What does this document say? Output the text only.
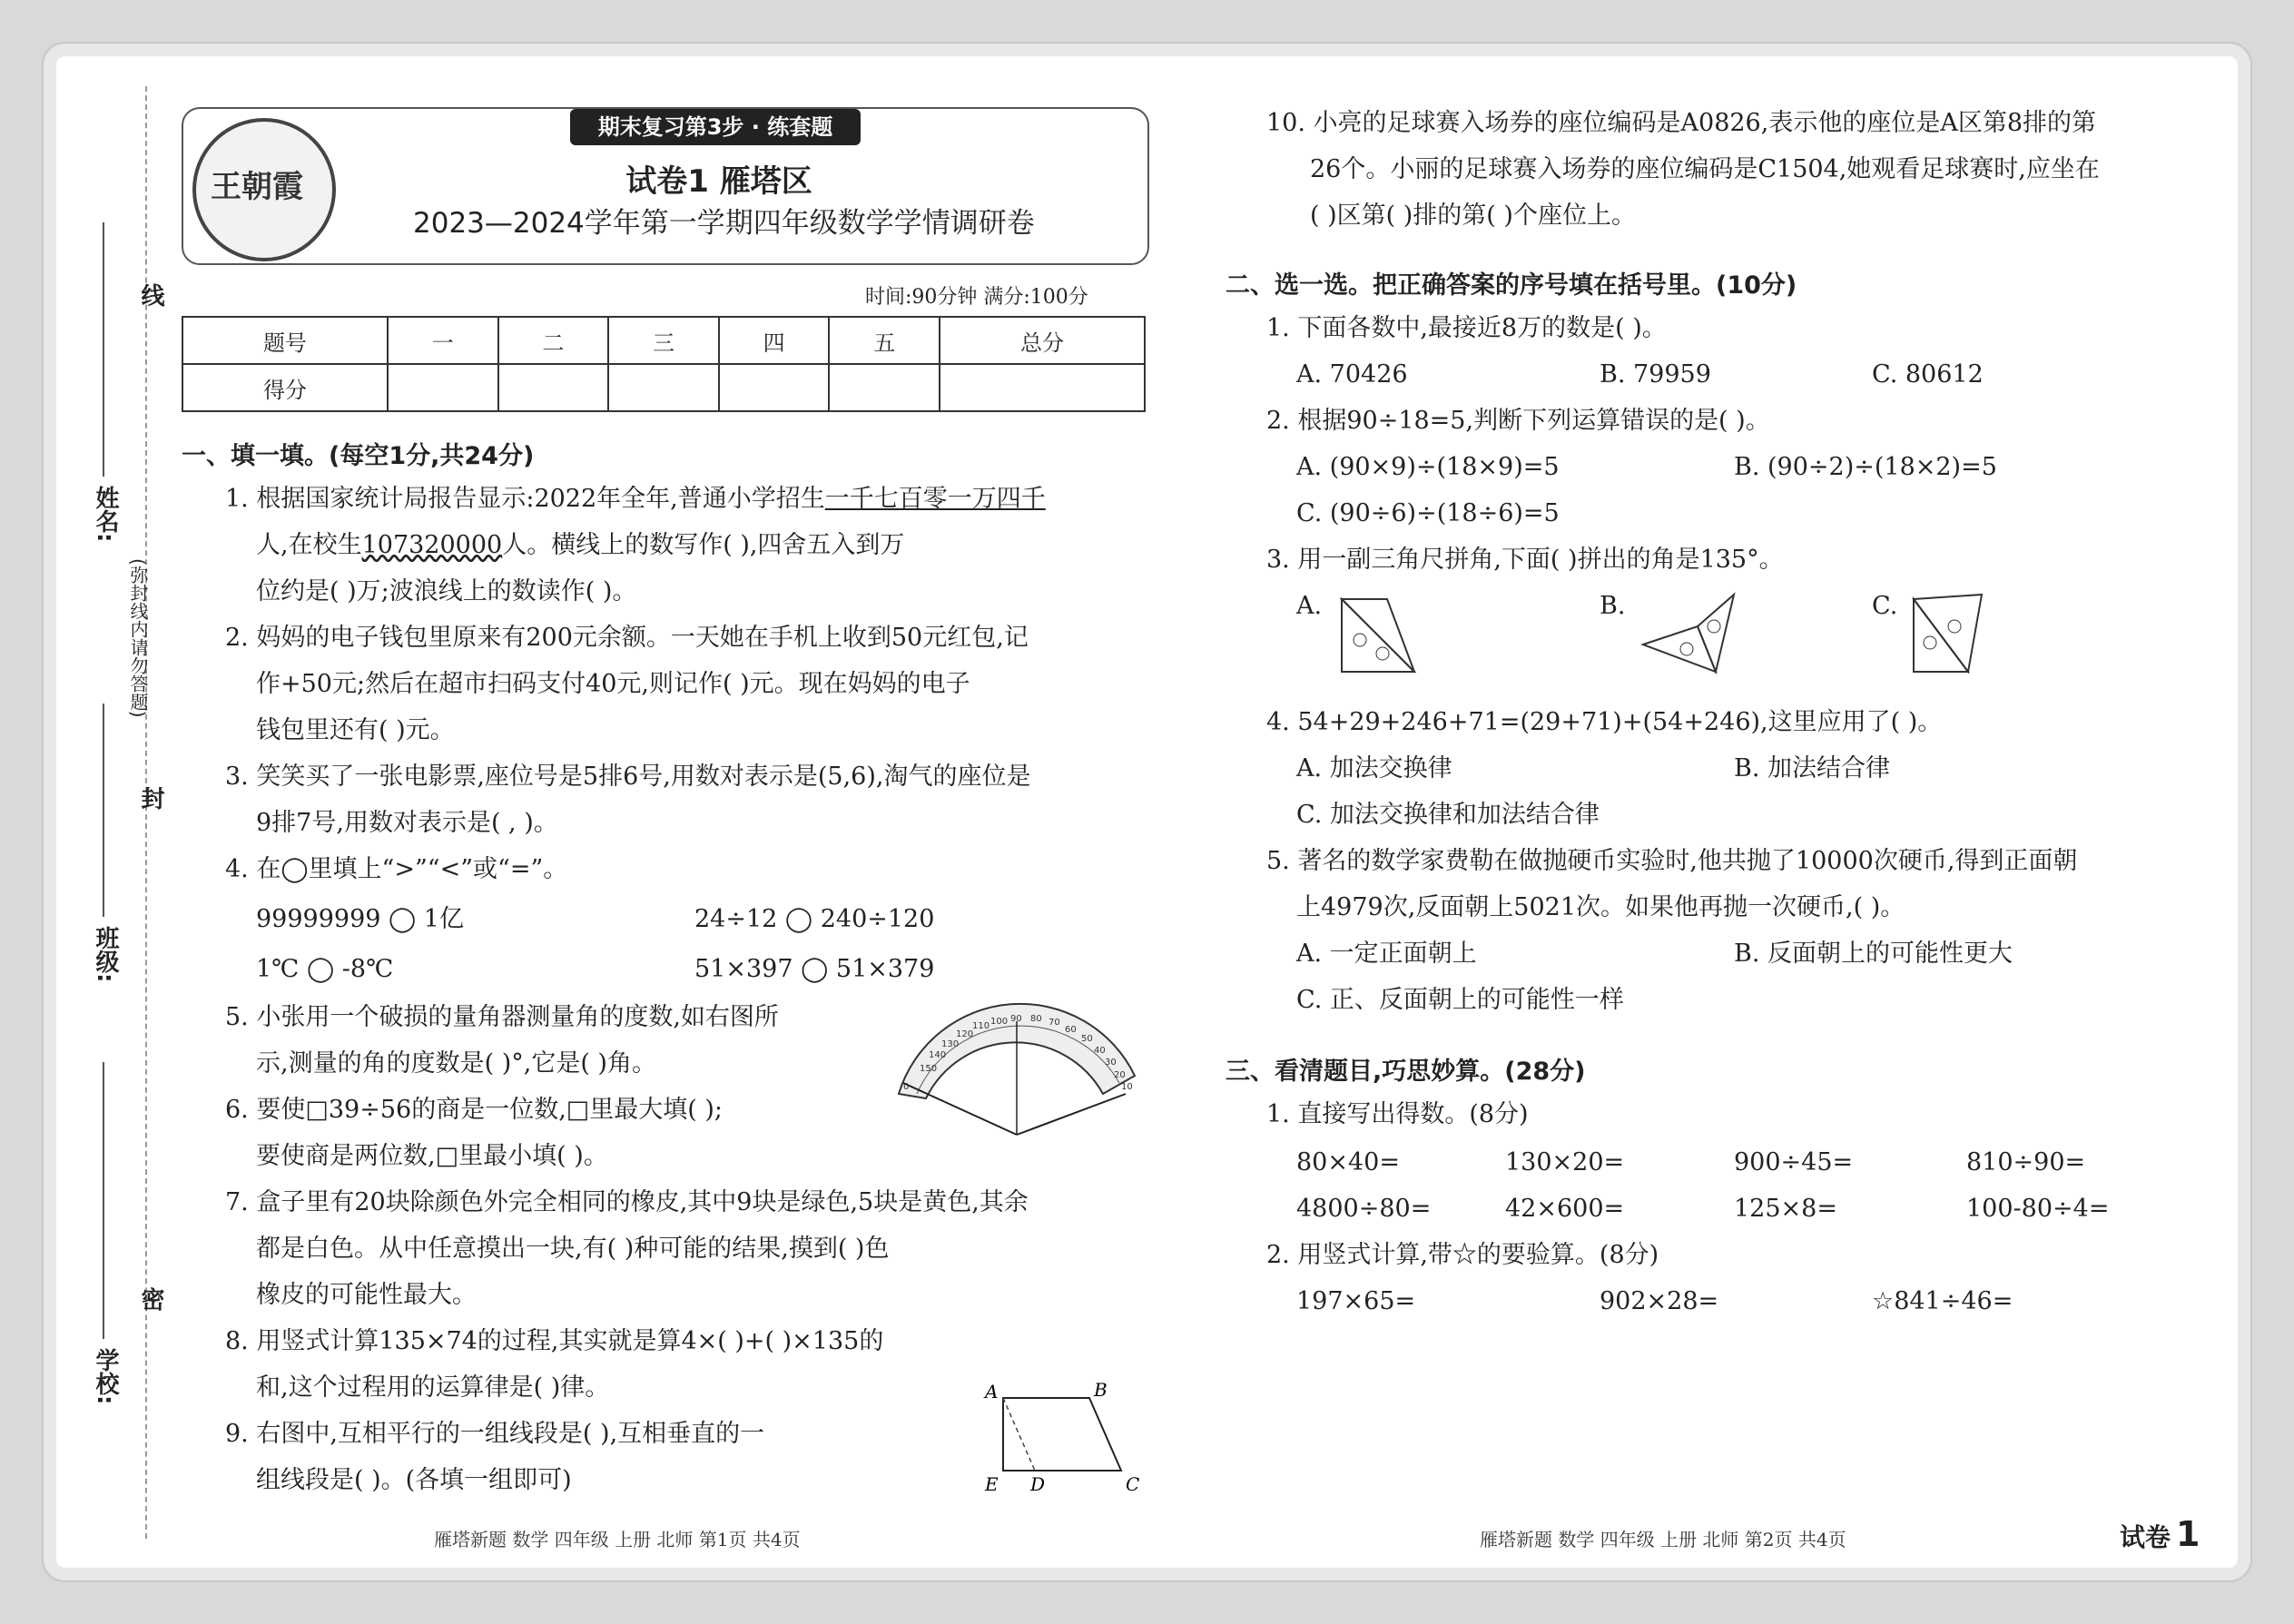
线
姓名:
(弥封线内请勿答题)
封
班级:
密
学校:
期末复习第3步 · 练套题
王朝霞	试卷1 雁塔区
2023—2024学年第一学期四年级数学学情调研卷
时间:90分钟 满分:100分
题号	一	二	三	四	五	总分
得分						
一、填一填。(每空1分,共24分)
1. 根据国家统计局报告显示:2022年全年,普通小学招生一千七百零一万四千
人,在校生107320000人。横线上的数写作( ),四舍五入到万
位约是( )万;波浪线上的数读作( )。
2. 妈妈的电子钱包里原来有200元余额。一天她在手机上收到50元红包,记
作+50元;然后在超市扫码支付40元,则记作( )元。现在妈妈的电子
钱包里还有( )元。
3. 笑笑买了一张电影票,座位号是5排6号,用数对表示是(5,6),淘气的座位是
9排7号,用数对表示是( , )。
4. 在◯里填上“>”“<”或“=”。
99999999 ◯ 1亿	24÷12 ◯ 240÷120
1℃ ◯ -8℃	51×397 ◯ 51×379
5. 小张用一个破损的量角器测量角的度数,如右图所
示,测量的角的度数是( )°,它是( )角。	150
140
130
120
110 100 90 80 70
60
50
40
30
20
10
0
6. 要使□39÷56的商是一位数,□里最大填( );
要使商是两位数,□里最小填( )。
7. 盒子里有20块除颜色外完全相同的橡皮,其中9块是绿色,5块是黄色,其余
都是白色。从中任意摸出一块,有( )种可能的结果,摸到( )色
橡皮的可能性最大。
8. 用竖式计算135×74的过程,其实就是算4×( )+( )×135的
和,这个过程用的运算律是( )律。
9. 右图中,互相平行的一组线段是( ),互相垂直的一
组线段是( )。(各填一组即可)
A	B
C
D
E
雁塔新题 数学 四年级 上册 北师 第1页 共4页
10. 小亮的足球赛入场券的座位编码是A0826,表示他的座位是A区第8排的第
26个。小丽的足球赛入场券的座位编码是C1504,她观看足球赛时,应坐在
( )区第( )排的第( )个座位上。
二、选一选。把正确答案的序号填在括号里。(10分)
1. 下面各数中,最接近8万的数是( )。
A. 70426	B. 79959	C. 80612
2. 根据90÷18=5,判断下列运算错误的是( )。
A. (90×9)÷(18×9)=5	B. (90÷2)÷(18×2)=5
C. (90÷6)÷(18÷6)=5
3. 用一副三角尺拼角,下面( )拼出的角是135°。
A.	B.	C.
4. 54+29+246+71=(29+71)+(54+246),这里应用了( )。
A. 加法交换律	B. 加法结合律
C. 加法交换律和加法结合律
5. 著名的数学家费勒在做抛硬币实验时,他共抛了10000次硬币,得到正面朝
上4979次,反面朝上5021次。如果他再抛一次硬币,( )。
A. 一定正面朝上	B. 反面朝上的可能性更大
C. 正、反面朝上的可能性一样
三、看清题目,巧思妙算。(28分)
1. 直接写出得数。(8分)
80×40=	130×20=	900÷45=	810÷90=
4800÷80=	42×600=	125×8=	100-80÷4=
2. 用竖式计算,带☆的要验算。(8分)
197×65=	902×28=	☆841÷46=
雁塔新题 数学 四年级 上册 北师 第2页 共4页	试卷 1
